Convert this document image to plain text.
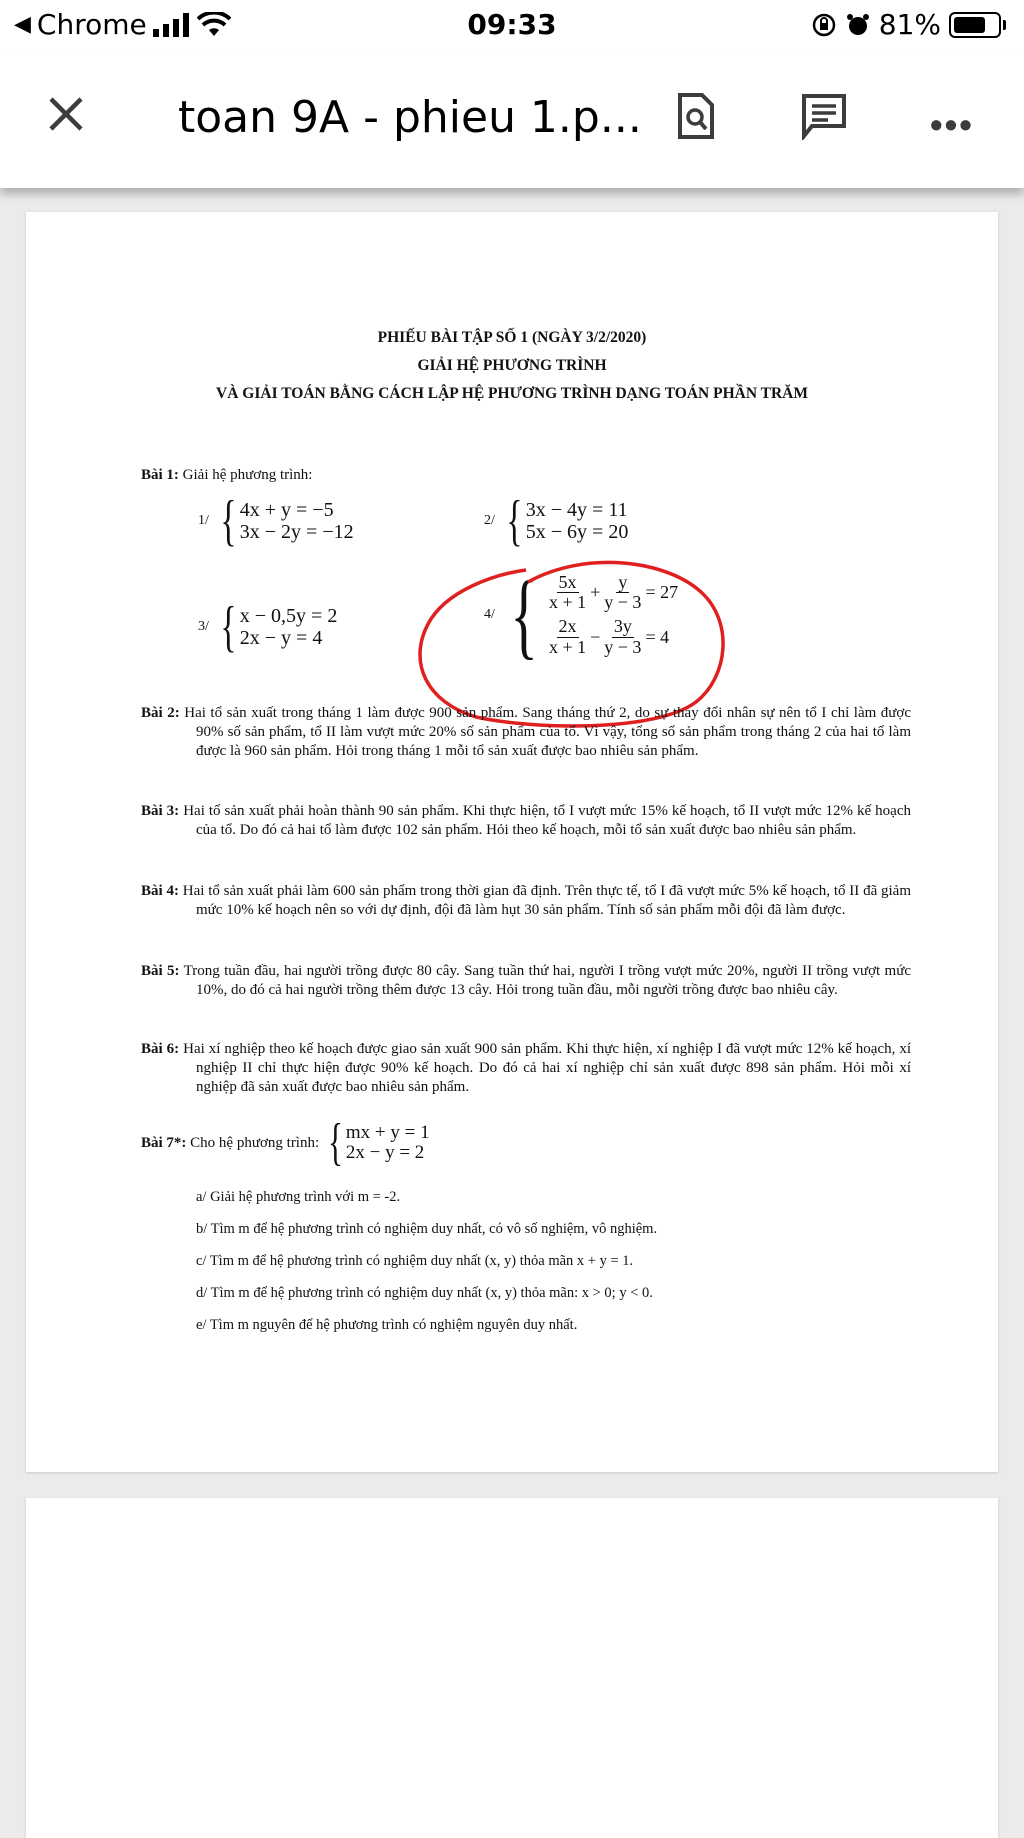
◀ Chrome	09:33	81%
toan 9A - phieu 1.p...	•••
PHIẾU BÀI TẬP SỐ 1 (NGÀY 3/2/2020)
GIẢI HỆ PHƯƠNG TRÌNH
VÀ GIẢI TOÁN BẰNG CÁCH LẬP HỆ PHƯƠNG TRÌNH DẠNG TOÁN PHẦN TRĂM
Bài 1: Giải hệ phương trình:
1/ { 4x + y = −5
3x − 2y = −12
2/ { 3x − 4y = 11
5x − 6y = 20
3/ { x − 0,5y = 2
2x − y = 4
4/ { $\frac{5x}{x + 1} + \frac{y}{y - 3} = 27$
$\frac{2x}{x + 1} - \frac{3y}{y - 3} = 4$
Bài 2: Hai tổ sản xuất trong tháng 1 làm được 900 sản phẩm. Sang tháng thứ 2, do sự thay đổi nhân sự nên tổ I chỉ làm được 90% số sản phẩm, tổ II làm vượt mức 20% số sản phẩm của tổ. Vì vậy, tổng số sản phẩm trong tháng 2 của hai tổ làm được là 960 sản phẩm. Hỏi trong tháng 1 mỗi tổ sản xuất được bao nhiêu sản phẩm.
Bài 3: Hai tổ sản xuất phải hoàn thành 90 sản phẩm. Khi thực hiện, tổ I vượt mức 15% kế hoạch, tổ II vượt mức 12% kế hoạch của tổ. Do đó cả hai tổ làm được 102 sản phẩm. Hỏi theo kế hoạch, mỗi tổ sản xuất được bao nhiêu sản phẩm.
Bài 4: Hai tổ sản xuất phải làm 600 sản phẩm trong thời gian đã định. Trên thực tế, tổ I đã vượt mức 5% kế hoạch, tổ II đã giảm mức 10% kế hoạch nên so với dự định, đội đã làm hụt 30 sản phẩm. Tính số sản phẩm mỗi đội đã làm được.
Bài 5: Trong tuần đầu, hai người trồng được 80 cây. Sang tuần thứ hai, người I trồng vượt mức 20%, người II trồng vượt mức 10%, do đó cả hai người trồng thêm được 13 cây. Hỏi trong tuần đầu, mỗi người trồng được bao nhiêu cây.
Bài 6: Hai xí nghiệp theo kế hoạch được giao sản xuất 900 sản phẩm. Khi thực hiện, xí nghiệp I đã vượt mức 12% kế hoạch, xí nghiệp II chỉ thực hiện được 90% kế hoạch. Do đó cả hai xí nghiệp chỉ sản xuất được 898 sản phẩm. Hỏi mỗi xí nghiệp đã sản xuất được bao nhiêu sản phẩm.
Bài 7*:
Cho hệ phương trình:
{ mx + y = 1
2x − y = 2
a/ Giải hệ phương trình với m = -2.
b/ Tìm m để hệ phương trình có nghiệm duy nhất, có vô số nghiệm, vô nghiệm.
c/ Tìm m để hệ phương trình có nghiệm duy nhất (x, y) thỏa mãn x + y = 1.
d/ Tìm m để hệ phương trình có nghiệm duy nhất (x, y) thỏa mãn: x > 0; y < 0.
e/ Tìm m nguyên để hệ phương trình có nghiệm nguyên duy nhất.
